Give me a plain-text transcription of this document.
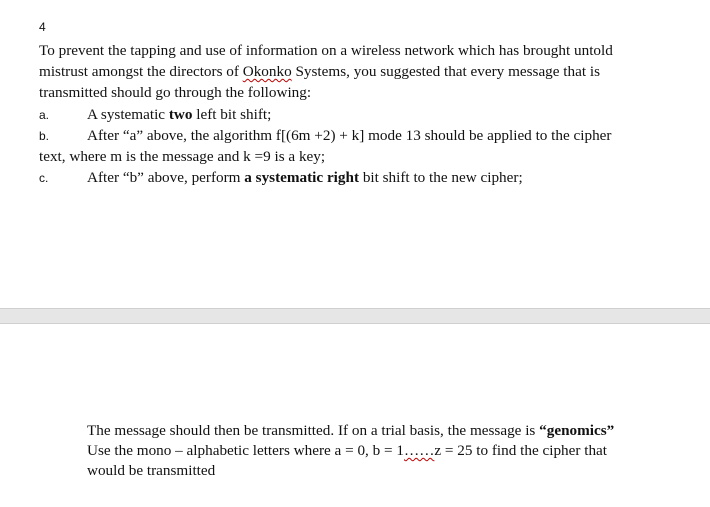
4
To prevent the tapping and use of information on a wireless network which has brought untold mistrust amongst the directors of Okonko Systems, you suggested that every message that is transmitted should go through the following:
a. A systematic two left bit shift;
b. After “a” above, the algorithm f[(6m +2) + k] mode 13 should be applied to the cipher
text, where m is the message and k =9 is a key;
c.	After “b” above, perform a systematic right bit shift to the new cipher;
The message should then be transmitted. If on a trial basis, the message is “genomics”
Use the mono – alphabetic letters where a = 0, b = 1……z = 25 to find the cipher that
would be transmitted
